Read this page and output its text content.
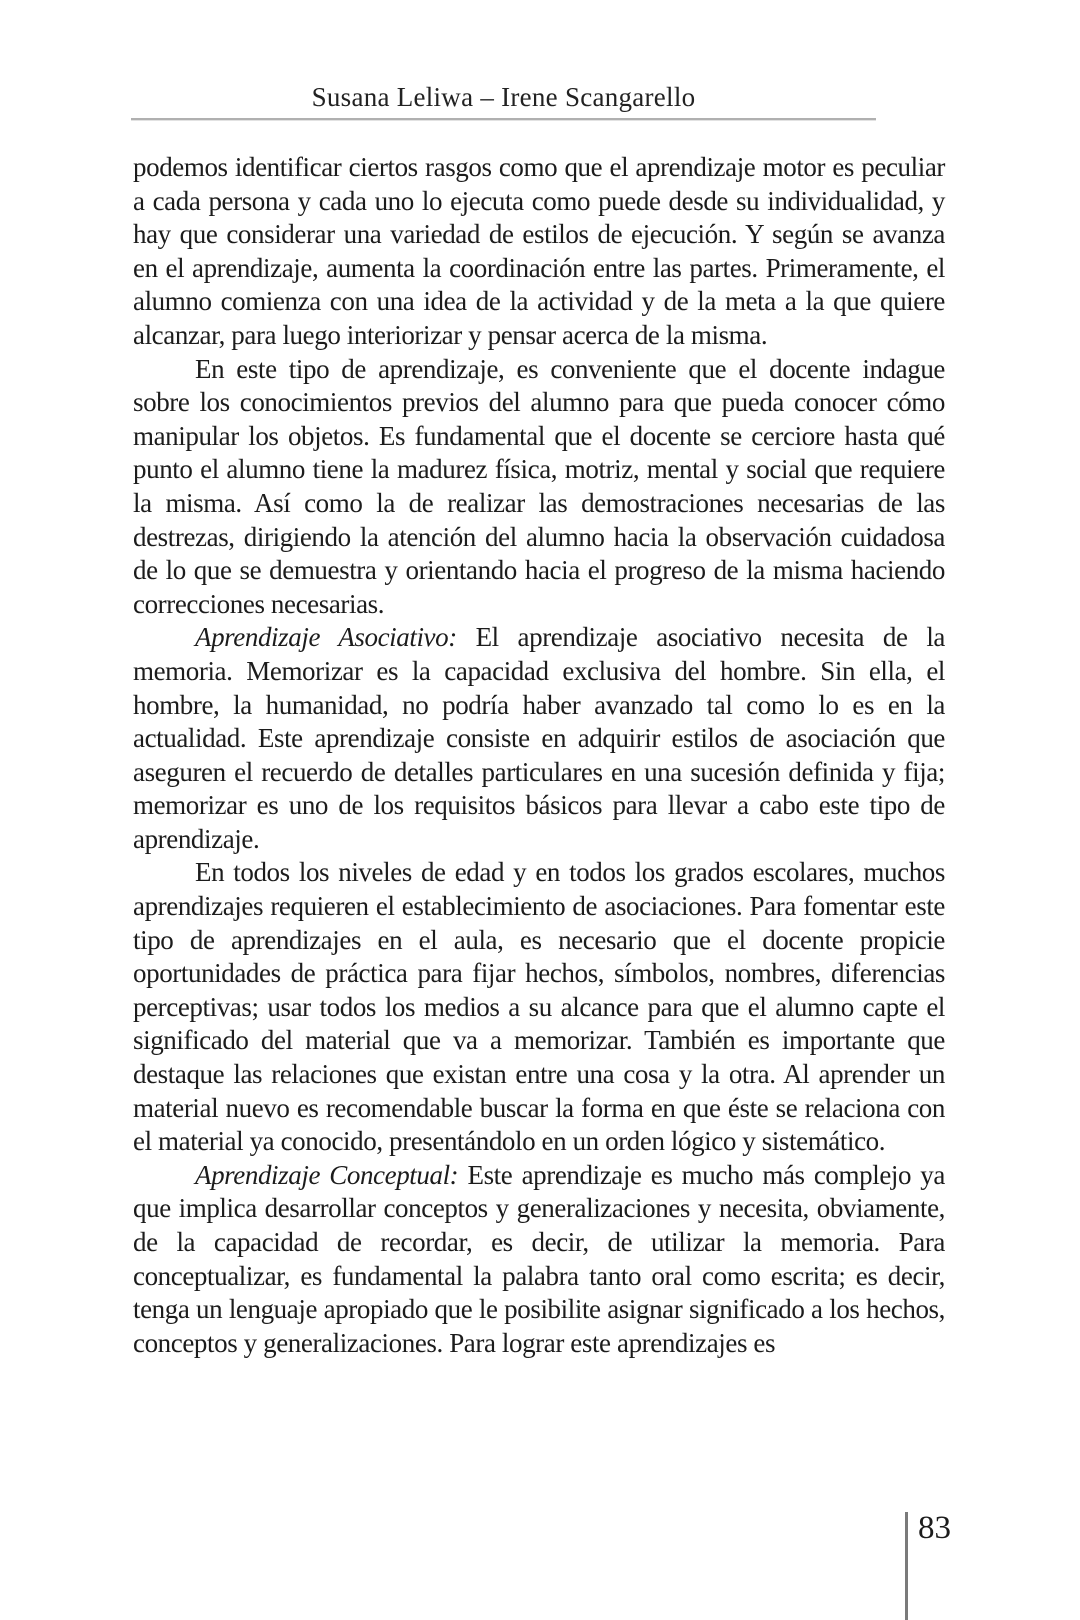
Susana Leliwa – Irene Scangarello

podemos identificar ciertos rasgos como que el aprendizaje motor es peculiar a cada persona y cada uno lo ejecuta como puede desde su individualidad, y hay que considerar una variedad de estilos de ejecución. Y según se avanza en el aprendizaje, aumenta la coordinación entre las partes. Primeramente, el alumno comienza con una idea de la actividad y de la meta a la que quiere alcanzar, para luego interiorizar y pensar acerca de la misma.

En este tipo de aprendizaje, es conveniente que el docente indague sobre los conocimientos previos del alumno para que pueda conocer cómo manipular los objetos. Es fundamental que el docente se cerciore hasta qué punto el alumno tiene la madurez física, motriz, mental y social que requiere la misma. Así como la de realizar las demostraciones necesarias de las destrezas, dirigiendo la atención del alumno hacia la observación cuidadosa de lo que se demuestra y orientando hacia el progreso de la misma haciendo correcciones necesarias.

Aprendizaje Asociativo: El aprendizaje asociativo necesita de la memoria. Memorizar es la capacidad exclusiva del hombre. Sin ella, el hombre, la humanidad, no podría haber avanzado tal como lo es en la actualidad. Este aprendizaje consiste en adquirir estilos de asociación que aseguren el recuerdo de detalles particulares en una sucesión definida y fija; memorizar es uno de los requisitos básicos para llevar a cabo este tipo de aprendizaje.

En todos los niveles de edad y en todos los grados escolares, muchos aprendizajes requieren el establecimiento de asociaciones. Para fomentar este tipo de aprendizajes en el aula, es necesario que el docente propicie oportunidades de práctica para fijar hechos, símbolos, nombres, diferencias perceptivas; usar todos los medios a su alcance para que el alumno capte el significado del material que va a memorizar. También es importante que destaque las relaciones que existan entre una cosa y la otra. Al aprender un material nuevo es recomendable buscar la forma en que éste se relaciona con el material ya conocido, presentándolo en un orden lógico y sistemático.

Aprendizaje Conceptual: Este aprendizaje es mucho más complejo ya que implica desarrollar conceptos y generalizaciones y necesita, obviamente, de la capacidad de recordar, es decir, de utilizar la memoria. Para conceptualizar, es fundamental la palabra tanto oral como escrita; es decir, tenga un lenguaje apropiado que le posibilite asignar significado a los hechos, conceptos y generalizaciones. Para lograr este aprendizajes es

83
